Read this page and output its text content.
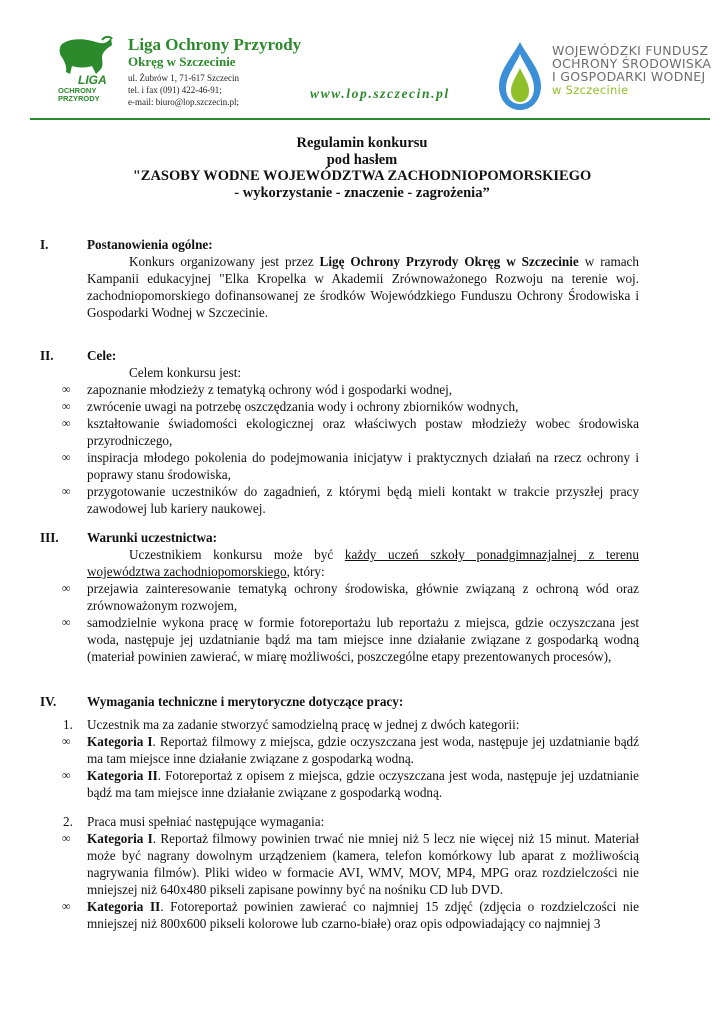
LIGA
OCHRONY
PRZYRODY
Liga Ochrony Przyrody
Okręg w Szczecinie
ul. Żubrów 1, 71-617 Szczecin
tel. i fax (091) 422-46-91;
e-mail: biuro@lop.szczecin.pl;
www.lop.szczecin.pl
WOJEWÓDZKI FUNDUSZ
OCHRONY ŚRODOWISKA
I GOSPODARKI WODNEJ
w Szczecinie
Regulamin konkursu
pod hasłem
"ZASOBY WODNE WOJEWÓDZTWA ZACHODNIOPOMORSKIEGO
- wykorzystanie - znaczenie - zagrożenia”
I.	Postanowienia ogólne:
Konkurs organizowany jest przez Ligę Ochrony Przyrody Okręg w Szczecinie w ramach Kampanii edukacyjnej "Elka Kropelka w Akademii Zrównoważonego Rozwoju na terenie woj. zachodniopomorskiego dofinansowanej ze środków Wojewódzkiego Funduszu Ochrony Środowiska i Gospodarki Wodnej w Szczecinie.
II.	Cele:
Celem konkursu jest:
∞ zapoznanie młodzieży z tematyką ochrony wód i gospodarki wodnej,
∞ zwrócenie uwagi na potrzebę oszczędzania wody i ochrony zbiorników wodnych,
∞ kształtowanie świadomości ekologicznej oraz właściwych postaw młodzieży wobec środowiska przyrodniczego,
∞ inspiracja młodego pokolenia do podejmowania inicjatyw i praktycznych działań na rzecz ochrony i poprawy stanu środowiska,
∞ przygotowanie uczestników do zagadnień, z którymi będą mieli kontakt w trakcie przyszłej pracy zawodowej lub kariery naukowej.
III. Warunki uczestnictwa:
Uczestnikiem konkursu może być każdy uczeń szkoły ponadgimnazjalnej z terenu województwa zachodniopomorskiego, który:
∞ przejawia zainteresowanie tematyką ochrony środowiska, głównie związaną z ochroną wód oraz zrównoważonym rozwojem,
∞ samodzielnie wykona pracę w formie fotoreportażu lub reportażu z miejsca, gdzie oczyszczana jest woda, następuje jej uzdatnianie bądź ma tam miejsce inne działanie związane z gospodarką wodną (materiał powinien zawierać, w miarę możliwości, poszczególne etapy prezentowanych procesów),
IV. Wymagania techniczne i merytoryczne dotyczące pracy:
1. Uczestnik ma za zadanie stworzyć samodzielną pracę w jednej z dwóch kategorii:
∞ Kategoria I. Reportaż filmowy z miejsca, gdzie oczyszczana jest woda, następuje jej uzdatnianie bądź ma tam miejsce inne działanie związane z gospodarką wodną.
∞ Kategoria II. Fotoreportaż z opisem z miejsca, gdzie oczyszczana jest woda, następuje jej uzdatnianie bądź ma tam miejsce inne działanie związane z gospodarką wodną.
2. Praca musi spełniać następujące wymagania:
∞ Kategoria I. Reportaż filmowy powinien trwać nie mniej niż 5 lecz nie więcej niż 15 minut. Materiał może być nagrany dowolnym urządzeniem (kamera, telefon komórkowy lub aparat z możliwością nagrywania filmów). Pliki wideo w formacie AVI, WMV, MOV, MP4, MPG oraz rozdzielczości nie mniejszej niż 640x480 pikseli zapisane powinny być na nośniku CD lub DVD.
∞ Kategoria II. Fotoreportaż powinien zawierać co najmniej 15 zdjęć (zdjęcia o rozdzielczości nie mniejszej niż 800x600 pikseli kolorowe lub czarno-białe) oraz opis odpowiadający co najmniej 3
